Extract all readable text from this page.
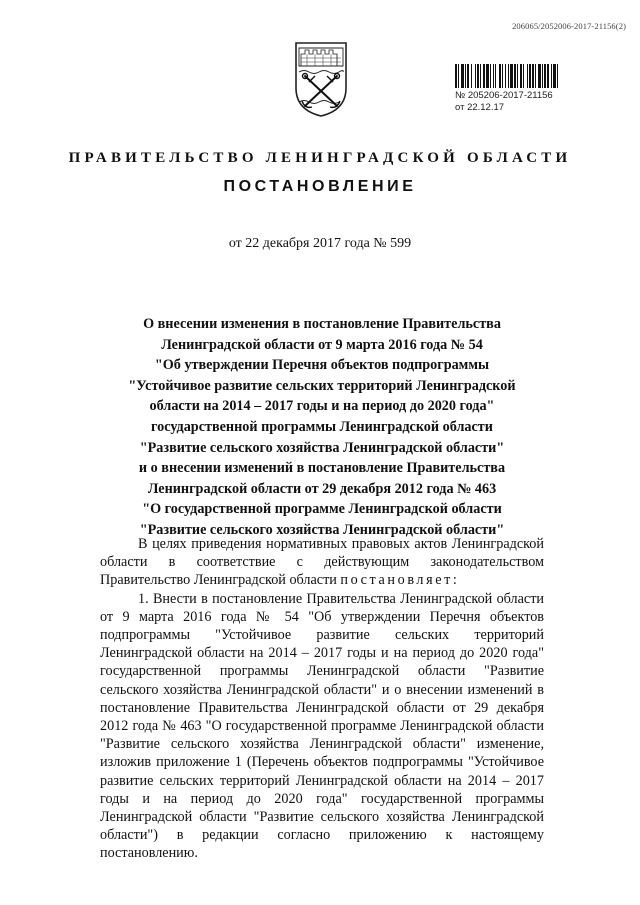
206065/2052006-2017-21156(2)
№ 205206-2017-21156
от 22.12.17
ПРАВИТЕЛЬСТВО ЛЕНИНГРАДСКОЙ ОБЛАСТИ
ПОСТАНОВЛЕНИЕ
от 22 декабря 2017 года № 599
О внесении изменения в постановление Правительства
Ленинградской области от 9 марта 2016 года № 54
"Об утверждении Перечня объектов подпрограммы
"Устойчивое развитие сельских территорий Ленинградской
области на 2014 – 2017 годы и на период до 2020 года"
государственной программы Ленинградской области
"Развитие сельского хозяйства Ленинградской области"
и о внесении изменений в постановление Правительства
Ленинградской области от 29 декабря 2012 года № 463
"О государственной программе Ленинградской области
"Развитие сельского хозяйства Ленинградской области"

В целях приведения нормативных правовых актов Ленинградской области в соответствие с действующим законодательством Правительство Ленинградской области постановляет:

1. Внести в постановление Правительства Ленинградской области от 9 марта 2016 года № 54 "Об утверждении Перечня объектов подпрограммы "Устойчивое развитие сельских территорий Ленинградской области на 2014 – 2017 годы и на период до 2020 года" государственной программы Ленинградской области "Развитие сельского хозяйства Ленинградской области" и о внесении изменений в постановление Правительства Ленинградской области от 29 декабря 2012 года № 463 "О государственной программе Ленинградской области "Развитие сельского хозяйства Ленинградской области" изменение, изложив приложение 1 (Перечень объектов подпрограммы "Устойчивое развитие сельских территорий Ленинградской области на 2014 – 2017 годы и на период до 2020 года" государственной программы Ленинградской области "Развитие сельского хозяйства Ленинградской области") в редакции согласно приложению к настоящему постановлению.
